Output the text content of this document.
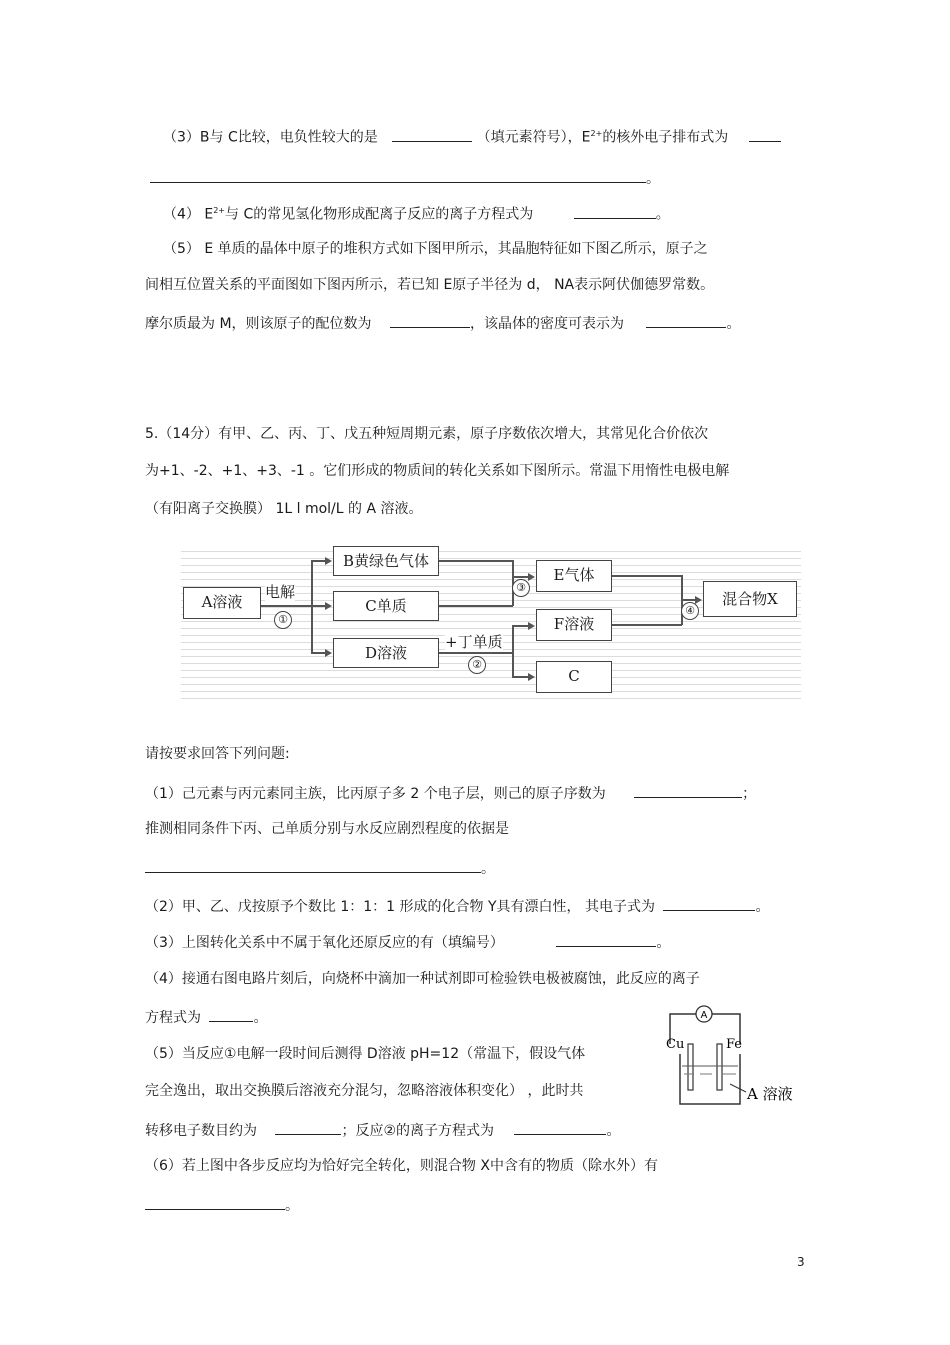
（3）B与 C比较，电负性较大的是	（填元素符号），$E^{2+}$的核外电子排布式为
。
（4） $E^{2+}$与 C的常见氢化物形成配离子反应的离子方程式为	。
（5） E 单质的晶体中原子的堆积方式如下图甲所示，其晶胞特征如下图乙所示，原子之
间相互位置关系的平面图如下图丙所示，若已知 E原子半径为 d， NA表示阿伏伽德罗常数。
摩尔质最为 M，则该原子的配位数为	，该晶体的密度可表示为	。
5.（14分）有甲、乙、丙、丁、戊五种短周期元素，原子序数依次增大，其常见化合价依次
为+1、-2、+1、+3、-1 。它们形成的物质间的转化关系如下图所示。常温下用惰性电极电解
（有阳离子交换膜） 1L l mol/L 的 A 溶液。
A溶液
电解
①
B黄绿色气体
C单质
D溶液
③
+丁单质
②
E气体
F溶液
C
④
混合物X
请按要求回答下列问题:
（1）己元素与丙元素同主族，比丙原子多 2 个电子层，则己的原子序数为	；
推测相同条件下丙、己单质分别与水反应剧烈程度的依据是
。
（2）甲、乙、戊按原予个数比 1：1：1 形成的化合物 Y具有漂白性， 其电子式为	。
（3）上图转化关系中不属于氧化还原反应的有（填编号）	。
（4）接通右图电路片刻后，向烧杯中滴加一种试剂即可检验铁电极被腐蚀，此反应的离子
方程式为	。
（5）当反应①电解一段时间后测得 D溶液 pH=12（常温下，假设气体
完全逸出，取出交换膜后溶液充分混匀，忽略溶液体积变化） ，此时共
转移电子数目约为	；反应②的离子方程式为	。
（6）若上图中各步反应均为恰好完全转化，则混合物 X中含有的物质（除水外）有
。
A
Cu	Fe
A 溶液
3
